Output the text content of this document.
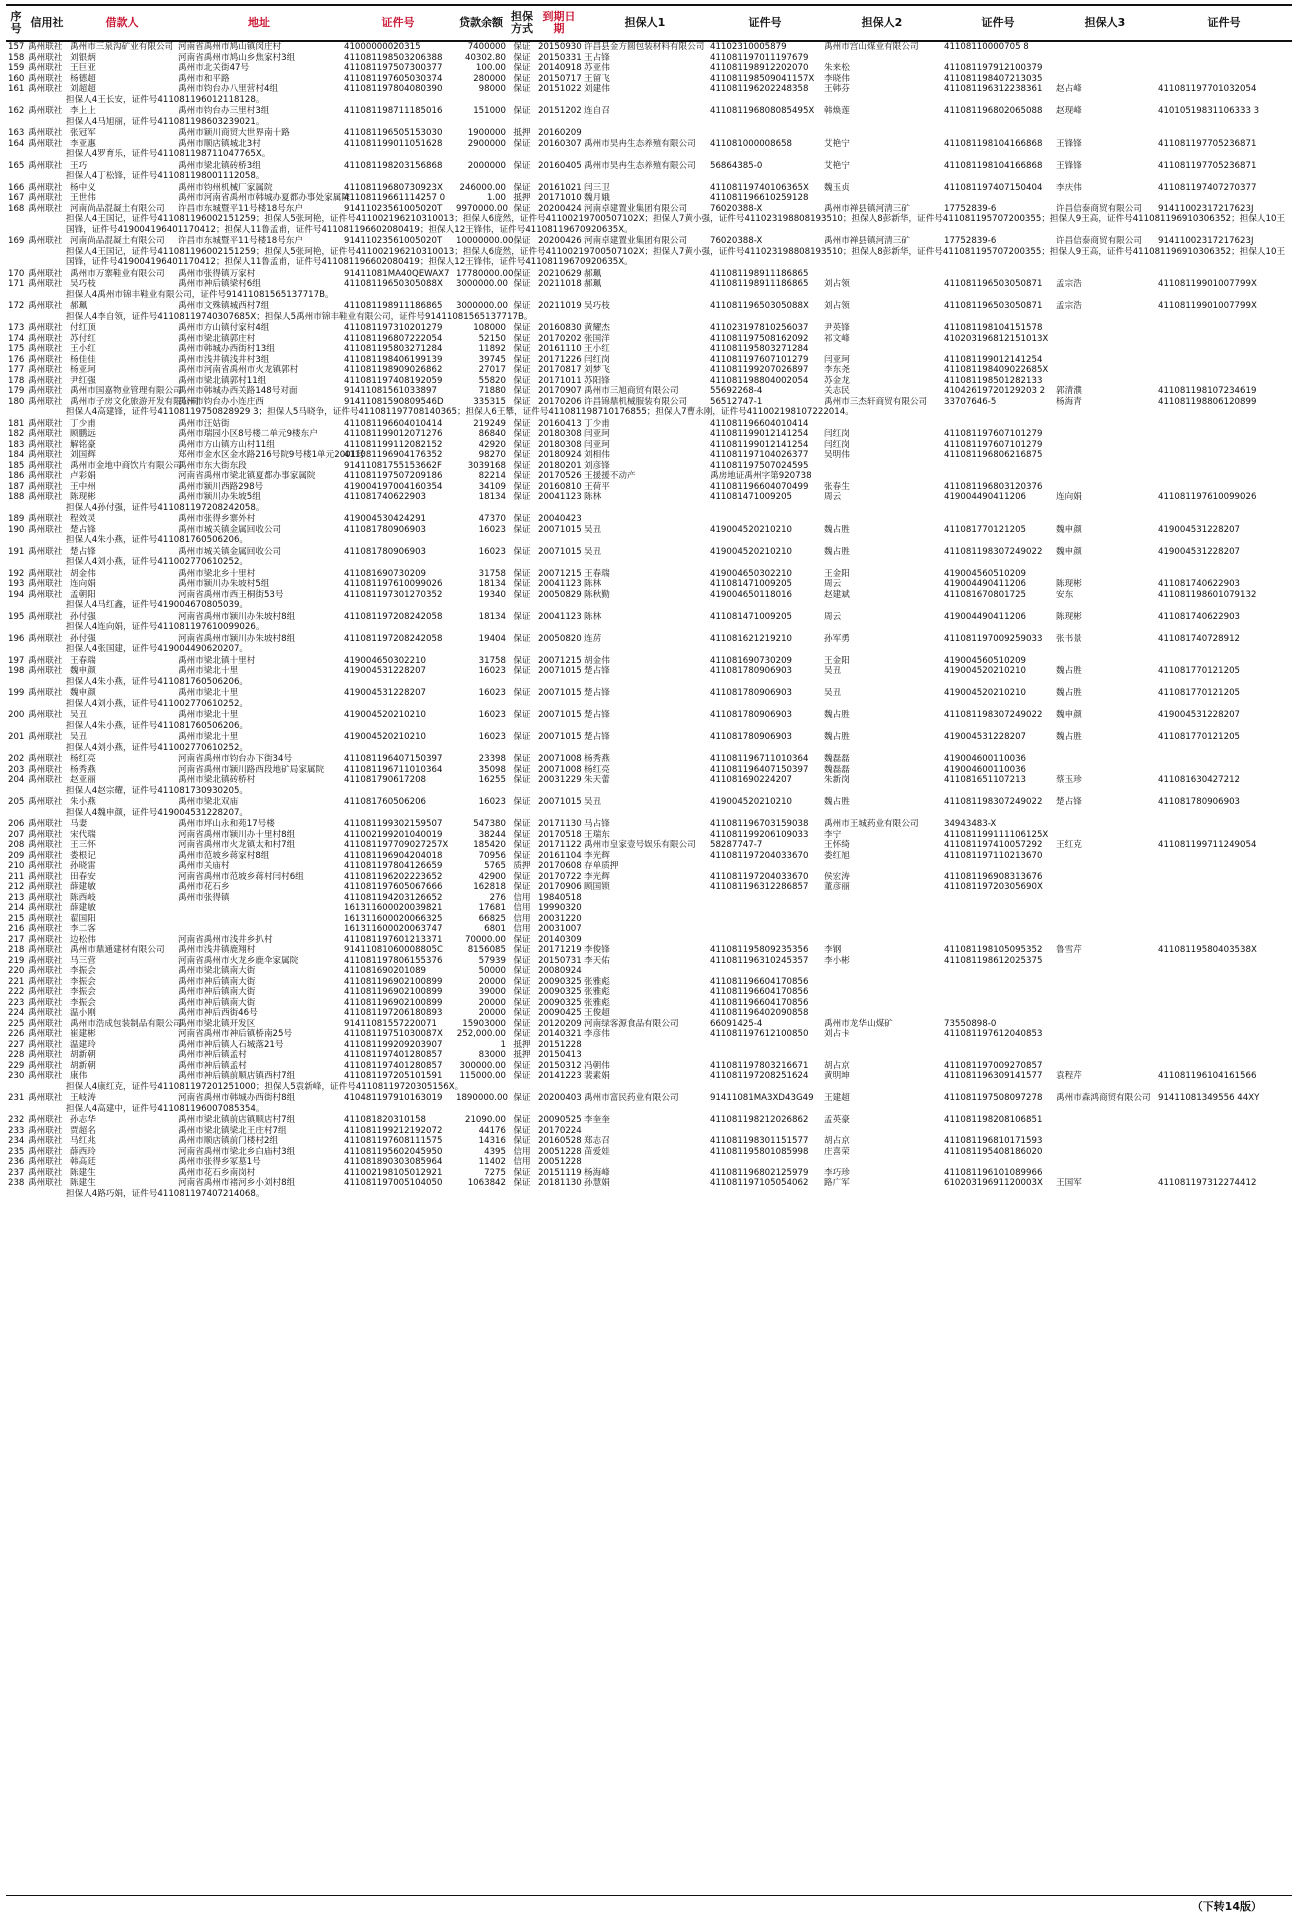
序号	信用社	借款人	地址	证件号	贷款余额	担保方式	到期日期	担保人1	证件号	担保人2	证件号	担保人3	证件号
157	禹州联社	禹州市三泉沟矿业有限公司	河南省禹州市鸠山镇闵庄村	41000000020315	7400000	保证	20150930	许昌县金方圆包装材料有限公司	41102310005879	禹州市宫山煤业有限公司	41108110000705 8		
158	禹州联社	刘银炳	河南省禹州市鸠山乡焦家村3组	411081198503206388	40302.80	保证	20150331	王占锋	411081197011197679				
159	禹州联社	王巨亚	禹州市北关街47号	411081197507300377	100.00	保证	20140918	苏亚伟	411081198912202070	朱来松	411081197912100379		
160	禹州联社	杨德超	禹州市和平路	411081197605030374	280000	保证	20150717	王留飞	411081198509041157X	李晓伟	411081198407213035		
161	禹州联社	刘超超	禹州市钧台办八里营村4组	411081197804080390	98000	保证	20151022	刘建伟	411081196202248358	王韩芬	411081196312238361	赵占峰	411081197701032054
担保人4王长安，证件号411081196012118128。													
162	禹州联社	李上上	禹州市钧台办三里村3组	411081198711185016	151000	保证	20151202	连自召	411081196808085495X	韩焕莲	411081196802065088	赵现峰	41010519831106333 3
担保人4马旭丽，证件号411081198603239021。													
163	禹州联社	张冠军	禹州市颖川商贸大世界南十路	411081196505153030	1900000	抵押	20160209						
164	禹州联社	李亚惠	禹州市顺店镇城北3村	411081199011051628	2900000	保证	20160307	禹州市昊冉生态养殖有限公司	411081000008658	艾艳宁	411081198104166868	王锋锋	411081197705236871
担保人4罗育乐，证件号411081198711047765X。													
165	禹州联社	王巧	禹州市梁北镇砖桥3组	411081198203156868	2000000	保证	20160405	禹州市昊冉生态养殖有限公司	56864385-0	艾艳宁	411081198104166868	王锋锋	411081197705236871
担保人4丁松锋，证件号411081198001112058。													
166	禹州联社	杨中义	禹州市钧州机械厂家属院	41108119680730923X	246000.00	保证	20161021	闫三卫	41108119740106365X	魏玉贞	411081197407150404	李庆伟	411081197407270377
167	禹州联社	王世伟	禹州市河南省禹州市韩城办夏都办事处家属院	41108119661114257 0	1.00	抵押	20171010	魏月娥	411081196610259128				
168	禹州联社	河南尚品混凝土有限公司	许昌市东城暨平11号楼18号东户	91411023561005020T	9970000.00	保证	20200424	河南卓建置业集团有限公司	76020388-X	禹州市禅县镇河清三矿	17752839-6	许昌信泰商贸有限公司	91411002317217623J
担保人4王国记，证件号411081196002151259；担保人5张珂艳，证件号411002196210310013；担保人6庞然，证件号41100219700507102X；担保人7黄小强，证件号411023198808193510；担保人8彭新华，证件号411081195707200355；担保人9王高，证件号411081196910306352；担保人10王国锋，证件号419004196401170412；担保人11鲁孟甫，证件号411081196602080419；担保人12王锋伟，证件号41108119670920635X。													
169	禹州联社	河南尚品混凝土有限公司	许昌市东城暨平11号楼18号东户	91411023561005020T	10000000.00	保证	20200426	河南卓建置业集团有限公司	76020388-X	禹州市禅县镇河清三矿	17752839-6	许昌信泰商贸有限公司	91411002317217623J
担保人4王国记，证件号411081196002151259；担保人5张珂艳，证件号411002196210310013；担保人6庞然，证件号41100219700507102X；担保人7黄小强，证件号411023198808193510；担保人8彭新华，证件号411081195707200355；担保人9王高，证件号411081196910306352；担保人10王国锋，证件号419004196401170412；担保人11鲁孟甫，证件号411081196602080419；担保人12王锋伟，证件号41108119670920635X。													
170	禹州联社	禹州市万寨鞋业有限公司	禹州市张得镇万家村	91411081MA40QEWAX7	17780000.00	保证	20210629	郝珮	411081198911186865				
171	禹州联社	吴巧枝	禹州市神后镇梁村6组	41108119650305088X	3000000.00	保证	20211018	郝珮	411081198911186865	刘占领	411081196503050871	孟宗浩	41108119901007799X
担保人4禹州市锦丰鞋业有限公司，证件号91411081565137717B。													
172	禹州联社	郝珮	禹州市文殊镇城西村7组	411081198911186865	3000000.00	保证	20211019	吴巧枝	41108119650305088X	刘占领	411081196503050871	孟宗浩	41108119901007799X
担保人4李自领，证件号41108119740307685X；担保人5禹州市锦丰鞋业有限公司，证件号91411081565137717B。													
173	禹州联社	付红顶	禹州市方山镇付家村4组	411081197310201279	108000	保证	20160830	黄耀杰	411023197810256037	尹英锋	411081198104151578		
174	禹州联社	苏付红	禹州市梁北镇郭庄村	411081196807222054	52150	保证	20170202	张国洋	411081197508162092	祁文峰	410203196812151013X		
175	禹州联社	王小红	禹州市韩城办西街村13组	411081195803271284	11892	保证	20161110	王小红	411081195803271284				
176	禹州联社	杨佳佳	禹州市浅井镇浅井村3组	411081198406199139	39745	保证	20171226	闫红岗	411081197607101279	闫亚珂	411081199012141254		
177	禹州联社	杨亚珂	禹州市河南省禹州市火龙镇郭村	411081198909026862	27017	保证	20170817	刘梦飞	411081199207026897	李东尧	411081198409022685X		
178	禹州联社	尹红强	禹州市梁北镇郭村11组	411081197408192059	55820	保证	20171011	苏阳锋	411081198804002054	苏金龙	411081198501282133		
179	禹州联社	禹州市国嘉物业管理有限公司	禹州市韩城办西关路148号对面	91411081561033897	71880	保证	20170907	禹州市三旭商贸有限公司	55692268-4	关志民	41042619720129203 2	郭清濮	411081198107234619
180	禹州联社	禹州市子房文化旅游开发有限公司	禹州市钧台办小连庄西	91411081590809546D	335315	保证	20170206	许昌锦鼎机械服装有限公司	56512747-1	禹州市三杰轩商贸有限公司	33707646-5	杨海青	411081198806120899
担保人4高建锋，证件号41108119750828929 3；担保人5马晓争，证件号411081197708140365；担保人6王攀，证件号411081198710176855；担保人7曹永刚，证件号411002198107222014。													
181	禹州联社	丁少甫	禹州市汪姑街	411081196604010414	219249	保证	20160413	丁少甫	411081196604010414				
182	禹州联社	顾鹏远	禹州市瑞园小区8号楼二单元9楼东户	411081199012071276	86840	保证	20180308	闫亚珂	411081199012141254	闫红岗	411081197607101279		
183	禹州联社	解铭豪	禹州市方山镇方山村11组	411081199112082152	42920	保证	20180308	闫亚珂	411081199012141254	闫红岗	411081197607101279		
184	禹州联社	刘国辉	郑州市金水区金水路216号院9号楼1单元2001号	411081196904176352	98270	保证	20180924	刘相伟	411081197104026377	吴明伟	411081196806216875		
185	禹州联社	禹州市金地中商饮片有限公司	禹州市东大街东段	91411081755153662F	3039168	保证	20180201	刘彦锋	411081197507024595				
186	禹州联社	卢彩娟	河南省禹州市梁北镇夏都办事家属院	411081197507209186	82214	保证	20170526	王援援不动产	禹房地证禹州字第920738				
187	禹州联社	王中州	禹州市颍川西路298号	419004197004160354	34109	保证	20160810	王荷平	411081196604070499	张春生	411081196803120376		
188	禹州联社	陈现彬	禹州市颍川办朱坡5组	411081740622903	18134	保证	20041123	陈林	411081471009205	周云	419004490411206	连向娟	411081197610099026
担保人4孙付强，证件号411081197208242058。													
189	禹州联社	程效灵	禹州市张得乡寨外村	419004530424291	47370	保证	20040423						
190	禹州联社	楚占锋	禹州市城关镇金属回收公司	411081780906903	16023	保证	20071015	吴丑	419004520210210	魏占胜	411081770121205	魏申颜	419004531228207
担保人4朱小燕，证件号411081760506206。													
191	禹州联社	楚占锋	禹州市城关镇金属回收公司	411081780906903	16023	保证	20071015	吴丑	419004520210210	魏占胜	411081198307249022	魏申颜	419004531228207
担保人4刘小燕，证件号411002770610252。													
192	禹州联社	胡金伟	禹州市梁北乡十里村	411081690730209	31758	保证	20071215	王春瑞	419004650302210	王金阳	419004560510209		
193	禹州联社	连向娟	禹州市颍川办朱坡村5组	411081197610099026	18134	保证	20041123	陈林	411081471009205	周云	419004490411206	陈现彬	411081740622903
194	禹州联社	孟朝阳	河南省禹州市西王桐街53号	411081197301270352	19340	保证	20050829	陈秋勤	419004650118016	赵建斌	411081670801725	安东	411081198601079132
担保人4马红鑫，证件号419004670805039。													
195	禹州联社	孙付强	河南省禹州市颍川办朱坡村8组	411081197208242058	18134	保证	20041123	陈林	411081471009205	周云	419004490411206	陈现彬	411081740622903
担保人4连向娟，证件号411081197610099026。													
196	禹州联社	孙付强	河南省禹州市颍川办朱坡村8组	411081197208242058	19404	保证	20050820	连苈	411081621219210	孙军勇	411081197009259033	张书景	411081740728912
担保人4张国建，证件号419004490620207。													
197	禹州联社	王春瑞	禹州市梁北镇十里村	419004650302210	31758	保证	20071215	胡金伟	411081690730209	王金阳	419004560510209		
198	禹州联社	魏申颜	禹州市梁北十里	419004531228207	16023	保证	20071015	楚占锋	411081780906903	吴丑	419004520210210	魏占胜	411081770121205
担保人4朱小燕，证件号411081760506206。													
199	禹州联社	魏申颜	禹州市梁北十里	419004531228207	16023	保证	20071015	楚占锋	411081780906903	吴丑	419004520210210	魏占胜	411081770121205
担保人4刘小燕，证件号411002770610252。													
200	禹州联社	吴丑	禹州市梁北十里	419004520210210	16023	保证	20071015	楚占锋	411081780906903	魏占胜	411081198307249022	魏申颜	419004531228207
担保人4朱小燕，证件号411081760506206。													
201	禹州联社	吴丑	禹州市梁北十里	419004520210210	16023	保证	20071015	楚占锋	411081780906903	魏占胜	419004531228207	魏占胜	411081770121205
担保人4刘小燕，证件号411002770610252。													
202	禹州联社	杨红亮	河南省禹州市钧台办下街34号	411081196407150397	23398	保证	20071008	杨秀燕	411081196711010364	魏磊磊	419004600110036		
203	禹州联社	杨秀燕	河南省禹州市颍川路西段地矿局家属院	411081196711010364	35098	保证	20071008	杨红亮	411081196407150397	魏磊磊	419004600110036		
204	禹州联社	赵亚丽	禹州市梁北镇砖桥村	411081790617208	16255	保证	20031229	朱天蕾	411081690224207	朱新岗	411081651107213	蔡玉珍	411081630427212
担保人4赵宗耀，证件号411081730930205。													
205	禹州联社	朱小燕	禹州市梁北双庙	411081760506206	16023	保证	20071015	吴丑	419004520210210	魏占胜	411081198307249022	楚占锋	411081780906903
担保人4魏申颜，证件号419004531228207。													
206	禹州联社	马妻	禹州市坪山永和苑17号楼	411081199302159507	547380	保证	20171130	马占锋	411081196703159038	禹州市王城药业有限公司	34943483-X		
207	禹州联社	宋代瑞	河南省禹州市颍川办十里村8组	411002199201040019	38244	保证	20170518	王瑞东	411081199206109033	李宁	411081199111106125X		
208	禹州联社	王三怀	河南省禹州市火龙镇太和村7组	411081197709027257X	185420	保证	20171122	禹州市皇家壹号娱乐有限公司	58287747-7	王怀绮	411081197410057292	王红克	411081199711249054
209	禹州联社	娄根记	禹州市范坡乡蒋家村8组	411081196904204018	70956	保证	20161104	李光辉	411081197204033670	娄红旭	411081197110213670		
210	禹州联社	孙晓雷	禹州市关庙村	411081197804126659	5765	质押	20170608	存单质押					
211	禹州联社	田春安	河南省禹州市范坡乡蒋村闫村6组	411081196202223652	42900	保证	20170722	李光辉	411081197204033670	侯宏涛	411081196908313676		
212	禹州联社	薛建敏	禹州市花石乡	411081197605067666	162818	保证	20170906	顾国锁	411081196312286857	董彦丽	41108119720305690X		
213	禹州联社	陈西岐	禹州市张得镇	411081194203126652	276	信用	19840518						
214	禹州联社	薛建敏		161311600020039821	17681	信用	19990320						
215	禹州联社	翟国阳		161311600020066325	66825	信用	20031220						
216	禹州联社	李二客		161311600020063747	6801	信用	20031007						
217	禹州联社	边松伟	河南省禹州市浅井乡扒村	411081197601213371	70000.00	保证	20140309						
218	禹州联社	禹州市鼎通建材有限公司	禹州市浅井镇鹿翔村	91411081060008805C	8156085	保证	20171219	李俊锋	411081195809235356	李钢	411081198105095352	鲁雪芹	41108119580403538X
219	禹州联社	马三营	河南省禹州市火龙乡鹿伞家属院	411081197806155376	57939	保证	20150731	李天佑	411081196310245357	李小彬	411081198612025375		
220	禹州联社	李振会	禹州市梁北镇南大街	411081690201089	50000	保证	20080924						
221	禹州联社	李振会	禹州市神后镇南大街	411081196902100899	20000	保证	20090325	张雅彪	411081196604170856				
222	禹州联社	李振会	禹州市神后镇南大街	411081196902100899	39000	保证	20090325	张雅彪	411081196604170856				
223	禹州联社	李振会	禹州市神后镇南大街	411081196902100899	20000	保证	20090325	张雅彪	411081196604170856				
224	禹州联社	温小刚	禹州市神后西街46号	411081197206180893	20000	保证	20090425	王俊超	411081196402090858				
225	禹州联社	禹州市浩成包装制品有限公司	禹州市梁北镇开发区	91411081557220071	15903000	保证	20120209	河南绿客源食品有限公司	66091425-4	禹州市龙华山煤矿	73550898-0		
226	禹州联社	崔建彬	河南省禹州市神后镇桥南25号	41108119751030087X	252,000.00	保证	20140321	李彦伟	411081197612100850	刘占卡	411081197612040853		
227	禹州联社	温建玲	禹州市神后镇人石城落21号	411081199209203907	1	抵押	20151228						
228	禹州联社	胡新朝	禹州市神后镇孟村	411081197401280857	83000	抵押	20150413						
229	禹州联社	胡新朝	禹州市神后镇孟村	411081197401280857	300000.00	保证	20150312	冯朝伟	411081197803216671	胡占京	411081197009270857		
230	禹州联社	康伟	禹州市神后镇前顺店镇西村7组	411081197205101591	115000.00	保证	20141223	裴素娟	411081197208251624	黄明坤	411081196309141577	袁程芹	411081196104161566
担保人4康红克，证件号411081197201251000；担保人5袁新峰，证件号41108119720305156X。													
231	禹州联社	王岐涛	河南省禹州市韩城办西街村8组	410481197910163019	1890000.00	保证	20200403	禹州市富民药业有限公司	91411081MA3XD43G49	王建超	411081197508097278	禹州市森鸿商贸有限公司	91411081349556 44XY
担保人4高建中，证件号411081196007085354。													
232	禹州联社	孙志华	禹州市梁北镇前店镇顺店村7组	411081820310158	21090.00	保证	20090525	李奎奎	411081198212026862	孟英豪	411081198208106851		
233	禹州联社	贾超名	禹州市梁北镇梁北王庄村7组	411081199212192072	44176	保证	20170224						
234	禹州联社	马红兆	禹州市顺店镇前门楼村2组	411081197608111575	14316	保证	20160528	郑志召	411081198301151577	胡占京	411081196810171593		
235	禹州联社	薛西玲	河南省禹州市梁北乡白庙村3组	411081195602045950	4395	信用	20051228	苗爱娃	411081195801085998	庄喜荣	411081195408186020		
236	禹州联社	韩高廷	禹州市张得乡冢墓1号	411081890303085964	11402	信用	20051228						
237	禹州联社	陈建生	禹州市花石乡南岗村	411002198105012921	7275	保证	20151119	杨海峰	411081196802125979	李巧珍	411081196101089966		
238	禹州联社	陈建生	河南省禹州市褚河乡小刘村8组	411081197005104050	1063842	保证	20181130	孙慧娟	411081197105054062	路广军	61020319691120003X	王国军	411081197312274412
担保人4路巧娟，证件号411081197407214068。													
（下转14版）
